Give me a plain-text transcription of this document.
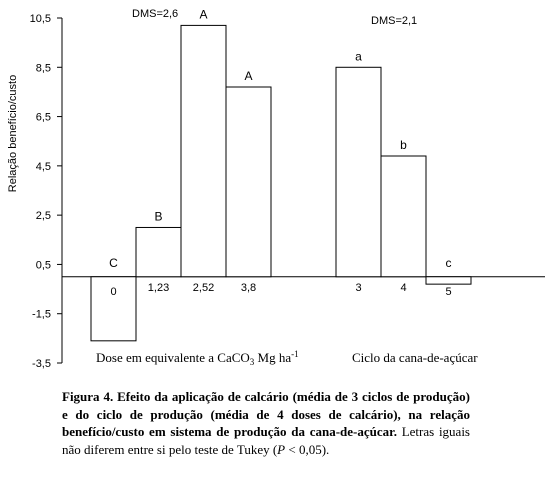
10,5
8,5
6,5
4,5
2,5
0,5
-1,5
-3,5
Relação benefício/custo
C
0
B
1,23
A
2,52
A
3,8
a
3
b
4
c
5
DMS=2,6
DMS=2,1
Dose em equivalente a CaCO$_3$ Mg $ha^{-1}$	Ciclo da cana-de-açúcar
Figura 4. Efeito da aplicação de calcário (média de 3 ciclos de produção) e do ciclo de produção (média de 4 doses de calcário), na relação benefício/custo em sistema de produção da cana-de-açúcar. Letras iguais não diferem entre si pelo teste de Tukey (P < 0,05).
